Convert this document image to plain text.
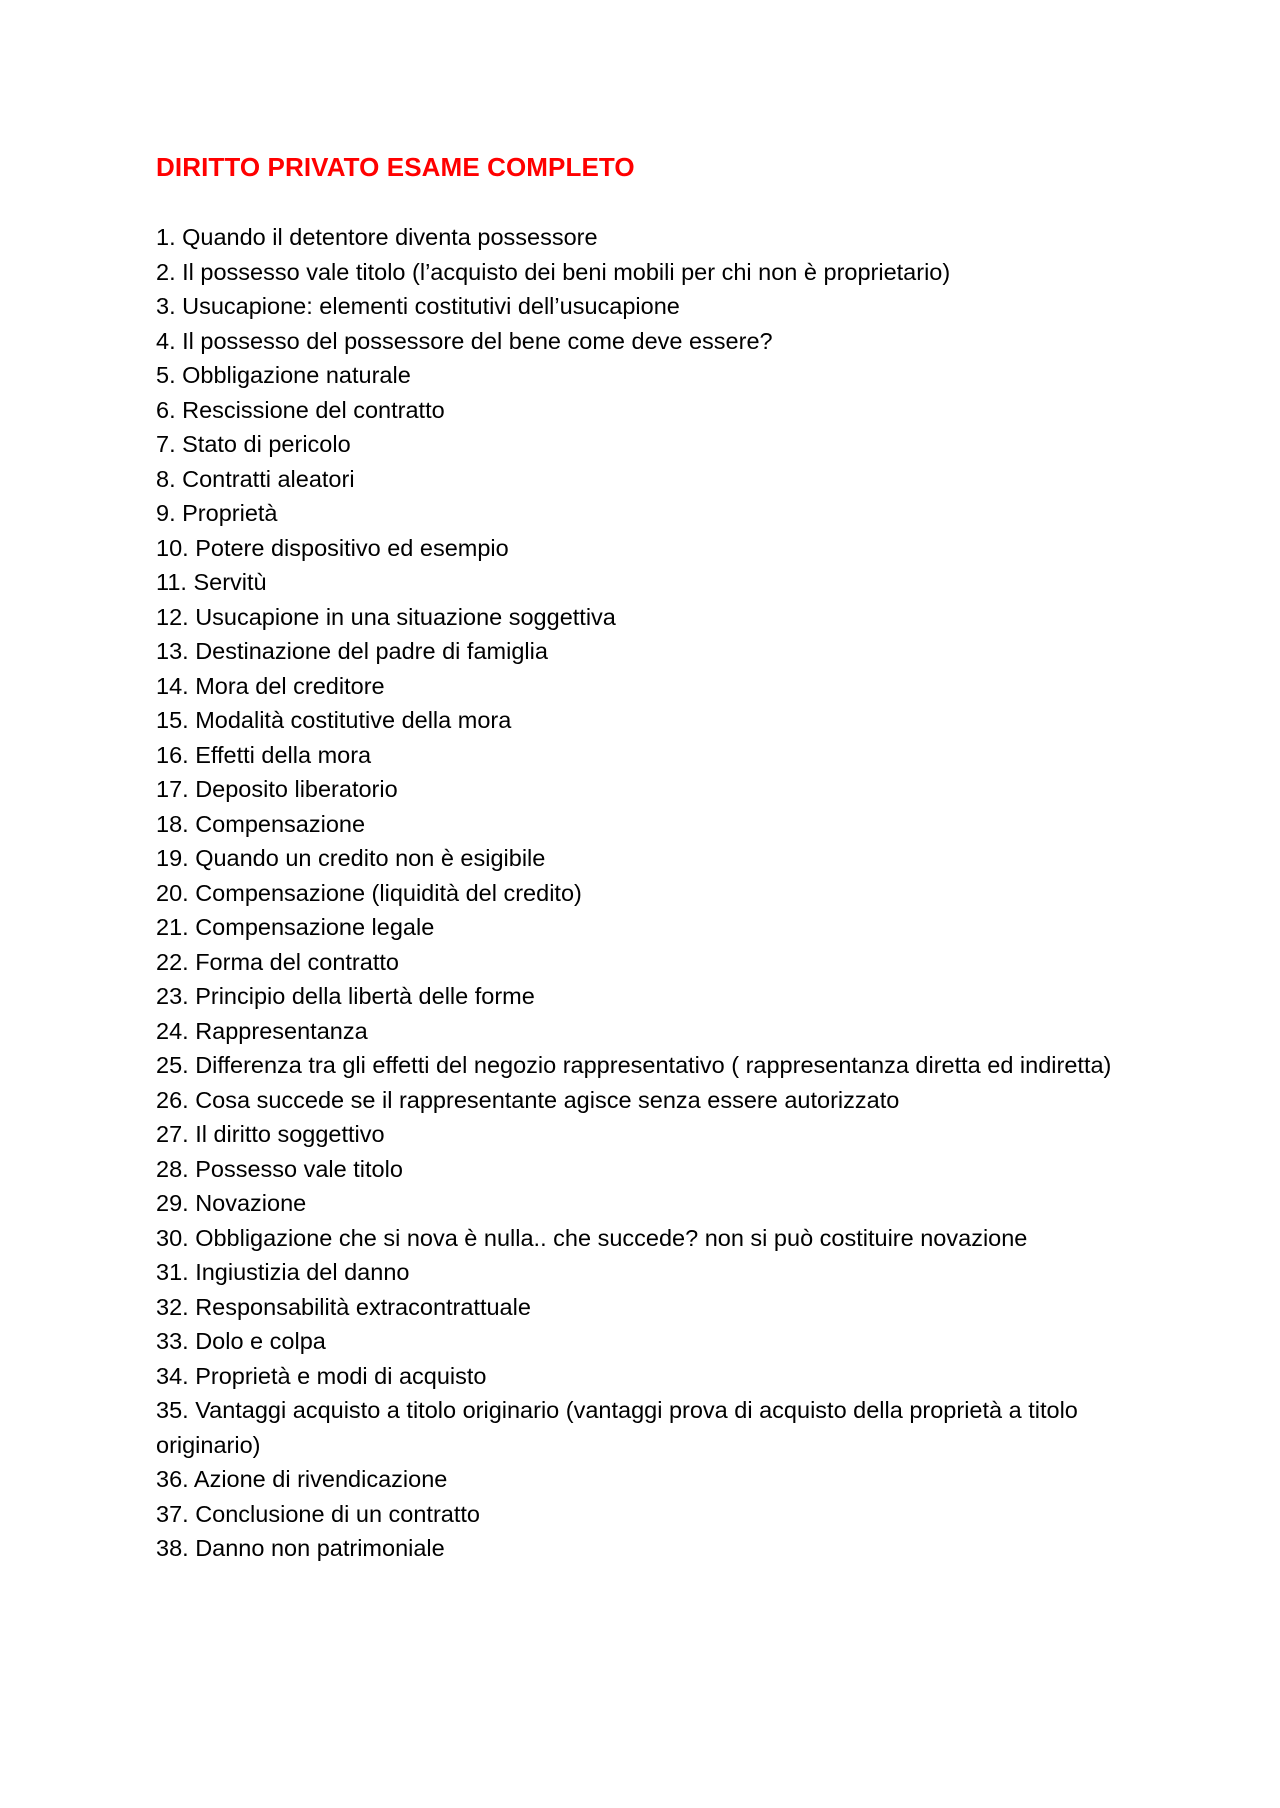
DIRITTO PRIVATO ESAME COMPLETO
1. Quando il detentore diventa possessore
2. Il possesso vale titolo (l’acquisto dei beni mobili per chi non è proprietario)
3. Usucapione: elementi costitutivi dell’usucapione
4. Il possesso del possessore del bene come deve essere?
5. Obbligazione naturale
6. Rescissione del contratto
7. Stato di pericolo
8. Contratti aleatori
9. Proprietà
10. Potere dispositivo ed esempio
11. Servitù
12. Usucapione in una situazione soggettiva
13. Destinazione del padre di famiglia
14. Mora del creditore
15. Modalità costitutive della mora
16. Effetti della mora
17. Deposito liberatorio
18. Compensazione
19. Quando un credito non è esigibile
20. Compensazione (liquidità del credito)
21. Compensazione legale
22. Forma del contratto
23. Principio della libertà delle forme
24. Rappresentanza
25. Differenza tra gli effetti del negozio rappresentativo ( rappresentanza diretta ed indiretta)
26. Cosa succede se il rappresentante agisce senza essere autorizzato
27. Il diritto soggettivo
28. Possesso vale titolo
29. Novazione
30. Obbligazione che si nova è nulla.. che succede? non si può costituire novazione
31. Ingiustizia del danno
32. Responsabilità extracontrattuale
33. Dolo e colpa
34. Proprietà e modi di acquisto
35. Vantaggi acquisto a titolo originario (vantaggi prova di acquisto della proprietà a titolo originario)
36. Azione di rivendicazione
37. Conclusione di un contratto
38. Danno non patrimoniale
